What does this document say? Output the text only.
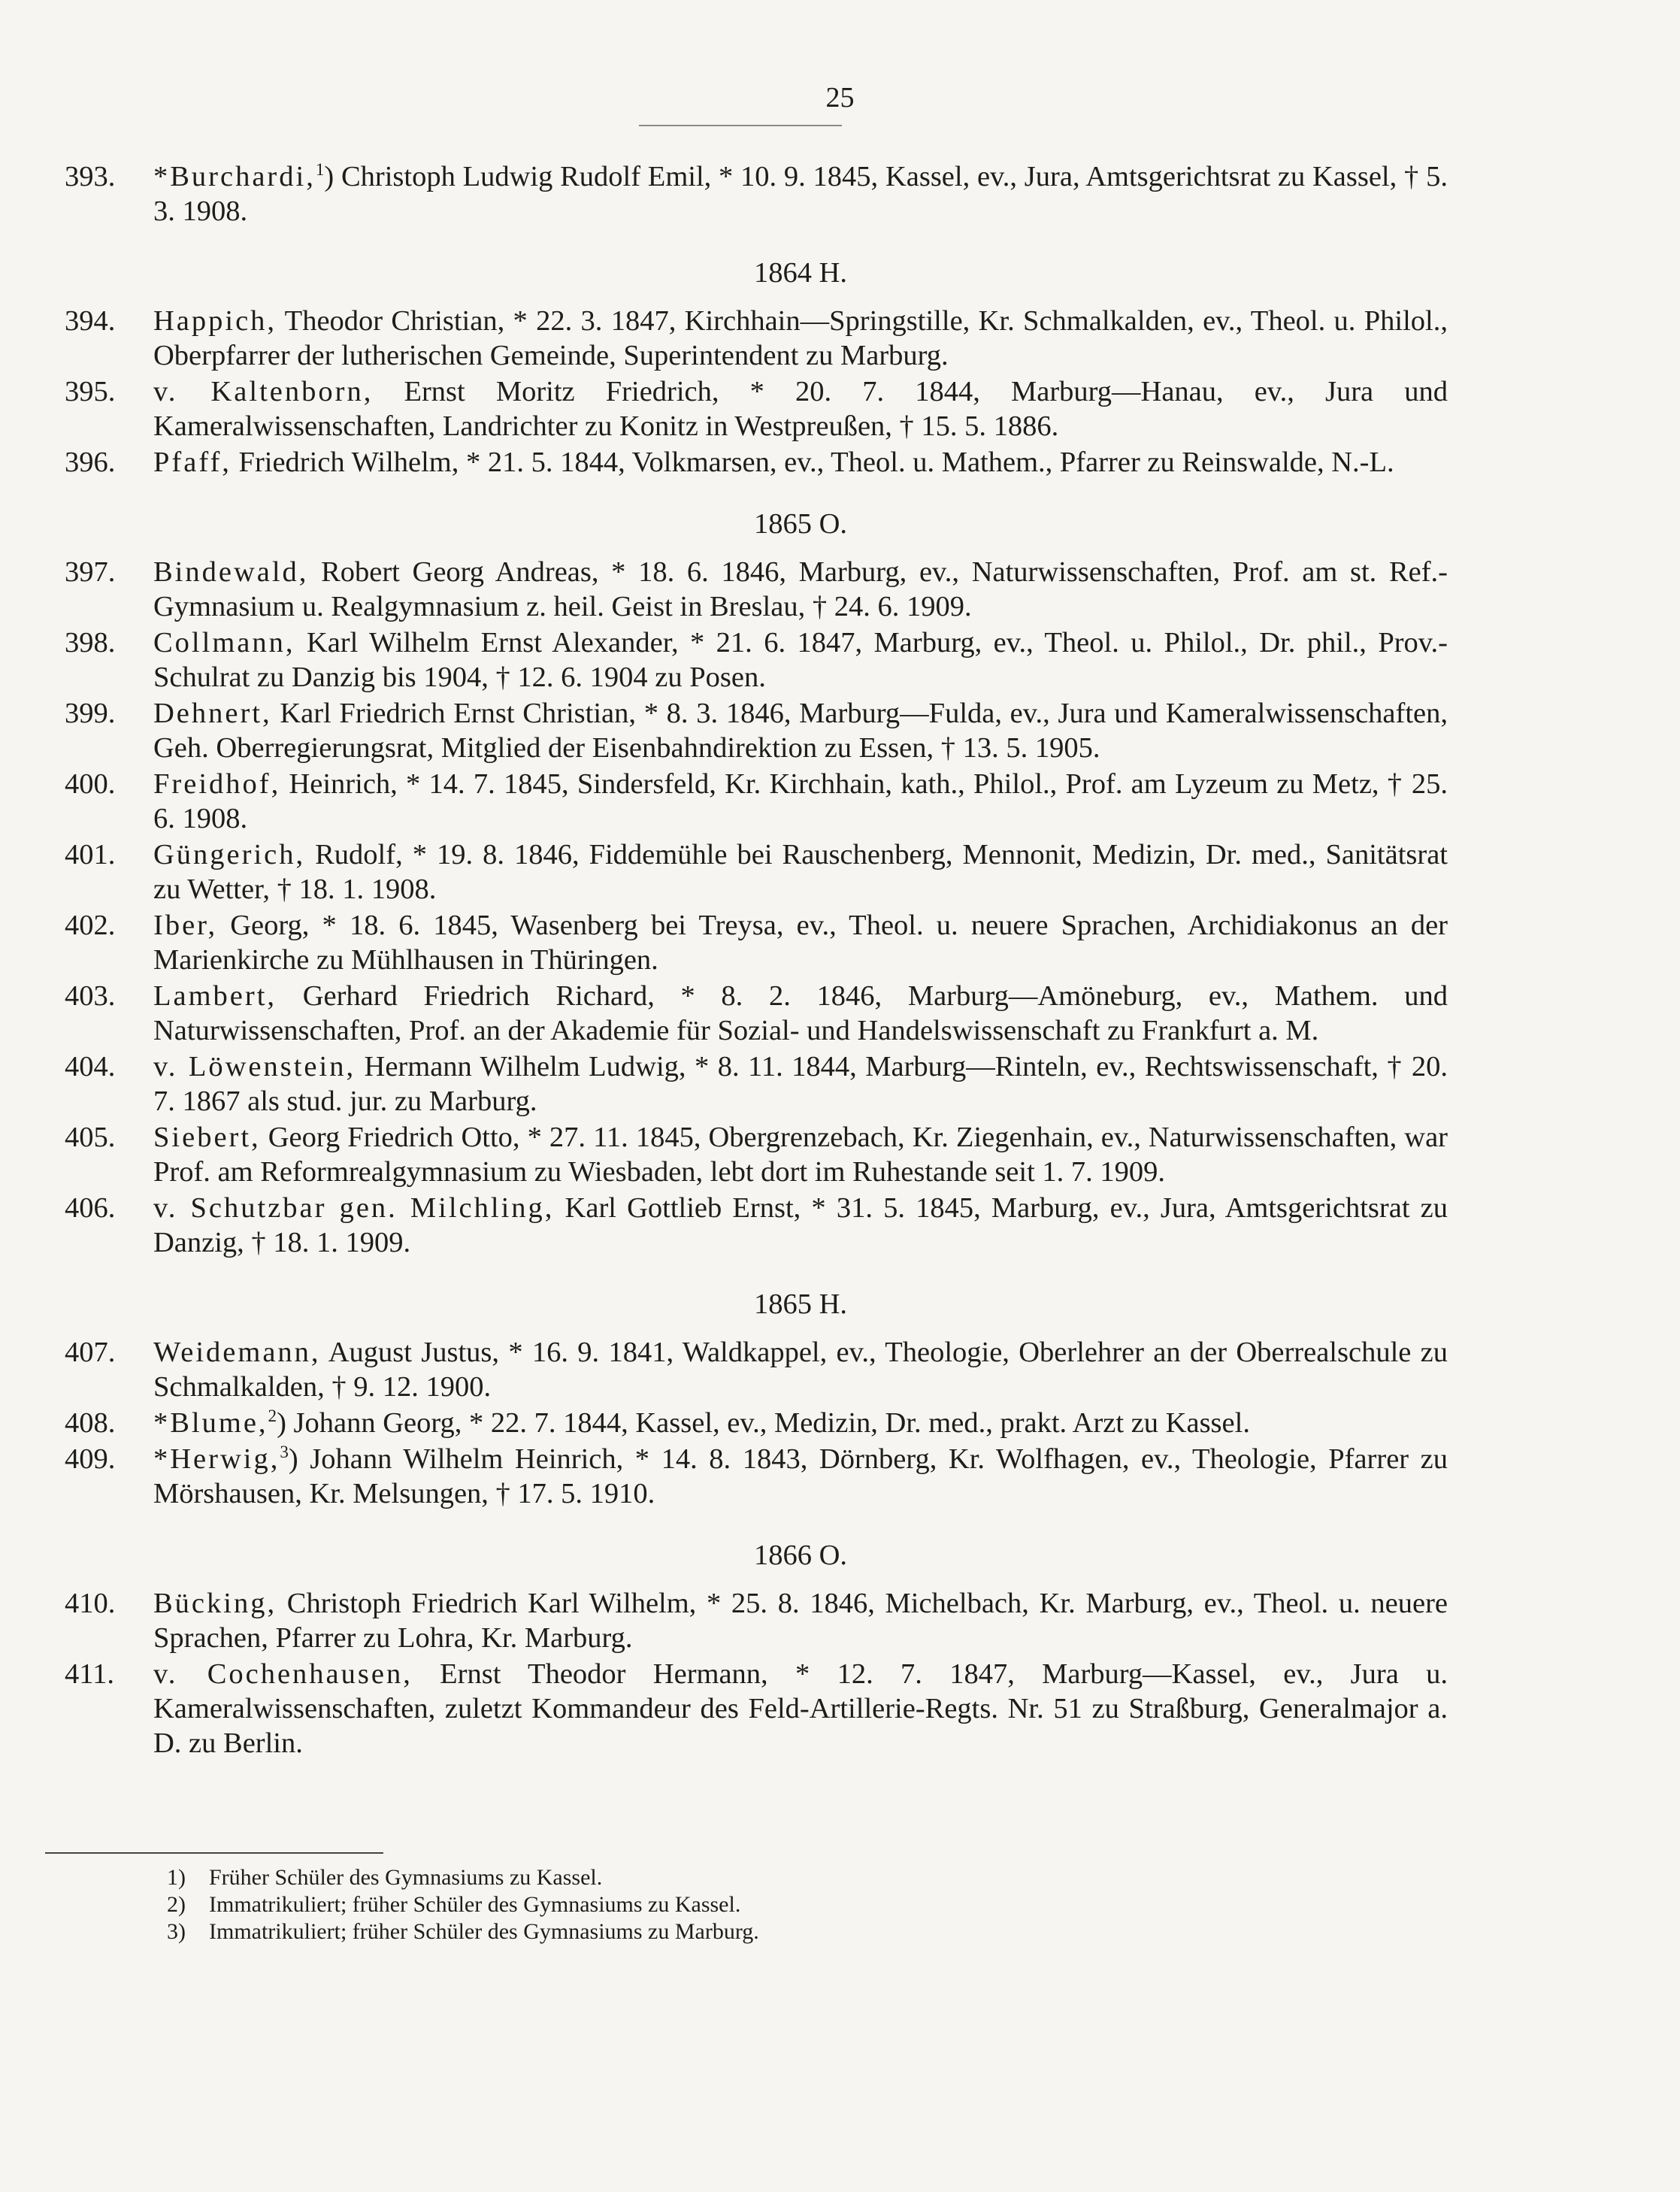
25
393.	*Burchardi,$^1$) Christoph Ludwig Rudolf Emil, * 10. 9. 1845, Kassel, ev., Jura, Amtsgerichtsrat zu Kassel, † 5. 3. 1908.
1864 H.
394.	Happich, Theodor Christian, * 22. 3. 1847, Kirchhain—Springstille, Kr. Schmalkalden, ev., Theol. u. Philol., Oberpfarrer der lutherischen Gemeinde, Superintendent zu Marburg.
395.	v. Kaltenborn, Ernst Moritz Friedrich, * 20. 7. 1844, Marburg—Hanau, ev., Jura und Kameralwissenschaften, Landrichter zu Konitz in Westpreußen, † 15. 5. 1886.
396.	Pfaff, Friedrich Wilhelm, * 21. 5. 1844, Volkmarsen, ev., Theol. u. Mathem., Pfarrer zu Reinswalde, N.-L.
1865 O.
397.	Bindewald, Robert Georg Andreas, * 18. 6. 1846, Marburg, ev., Naturwissenschaften, Prof. am st. Ref.-Gymnasium u. Realgymnasium z. heil. Geist in Breslau, † 24. 6. 1909.
398.	Collmann, Karl Wilhelm Ernst Alexander, * 21. 6. 1847, Marburg, ev., Theol. u. Philol., Dr. phil., Prov.-Schulrat zu Danzig bis 1904, † 12. 6. 1904 zu Posen.
399.	Dehnert, Karl Friedrich Ernst Christian, * 8. 3. 1846, Marburg—Fulda, ev., Jura und Kameralwissenschaften, Geh. Oberregierungsrat, Mitglied der Eisenbahndirektion zu Essen, † 13. 5. 1905.
400.	Freidhof, Heinrich, * 14. 7. 1845, Sindersfeld, Kr. Kirchhain, kath., Philol., Prof. am Lyzeum zu Metz, † 25. 6. 1908.
401.	Güngerich, Rudolf, * 19. 8. 1846, Fiddemühle bei Rauschenberg, Mennonit, Medizin, Dr. med., Sanitätsrat zu Wetter, † 18. 1. 1908.
402.	Iber, Georg, * 18. 6. 1845, Wasenberg bei Treysa, ev., Theol. u. neuere Sprachen, Archidiakonus an der Marienkirche zu Mühlhausen in Thüringen.
403.	Lambert, Gerhard Friedrich Richard, * 8. 2. 1846, Marburg—Amöneburg, ev., Mathem. und Naturwissenschaften, Prof. an der Akademie für Sozial- und Handelswissenschaft zu Frankfurt a. M.
404.	v. Löwenstein, Hermann Wilhelm Ludwig, * 8. 11. 1844, Marburg—Rinteln, ev., Rechtswissenschaft, † 20. 7. 1867 als stud. jur. zu Marburg.
405.	Siebert, Georg Friedrich Otto, * 27. 11. 1845, Obergrenzebach, Kr. Ziegenhain, ev., Naturwissenschaften, war Prof. am Reformrealgymnasium zu Wiesbaden, lebt dort im Ruhestande seit 1. 7. 1909.
406.	v. Schutzbar gen. Milchling, Karl Gottlieb Ernst, * 31. 5. 1845, Marburg, ev., Jura, Amtsgerichtsrat zu Danzig, † 18. 1. 1909.
1865 H.
407.	Weidemann, August Justus, * 16. 9. 1841, Waldkappel, ev., Theologie, Oberlehrer an der Oberrealschule zu Schmalkalden, † 9. 12. 1900.
408.	*Blume,$^2$) Johann Georg, * 22. 7. 1844, Kassel, ev., Medizin, Dr. med., prakt. Arzt zu Kassel.
409.	*Herwig,$^3$) Johann Wilhelm Heinrich, * 14. 8. 1843, Dörnberg, Kr. Wolfhagen, ev., Theologie, Pfarrer zu Mörshausen, Kr. Melsungen, † 17. 5. 1910.
1866 O.
410.	Bücking, Christoph Friedrich Karl Wilhelm, * 25. 8. 1846, Michelbach, Kr. Marburg, ev., Theol. u. neuere Sprachen, Pfarrer zu Lohra, Kr. Marburg.
411.	v. Cochenhausen, Ernst Theodor Hermann, * 12. 7. 1847, Marburg—Kassel, ev., Jura u. Kameralwissenschaften, zuletzt Kommandeur des Feld-Artillerie-Regts. Nr. 51 zu Straßburg, Generalmajor a. D. zu Berlin.
1)	Früher Schüler des Gymnasiums zu Kassel.
2)	Immatrikuliert; früher Schüler des Gymnasiums zu Kassel.
3)	Immatrikuliert; früher Schüler des Gymnasiums zu Marburg.
